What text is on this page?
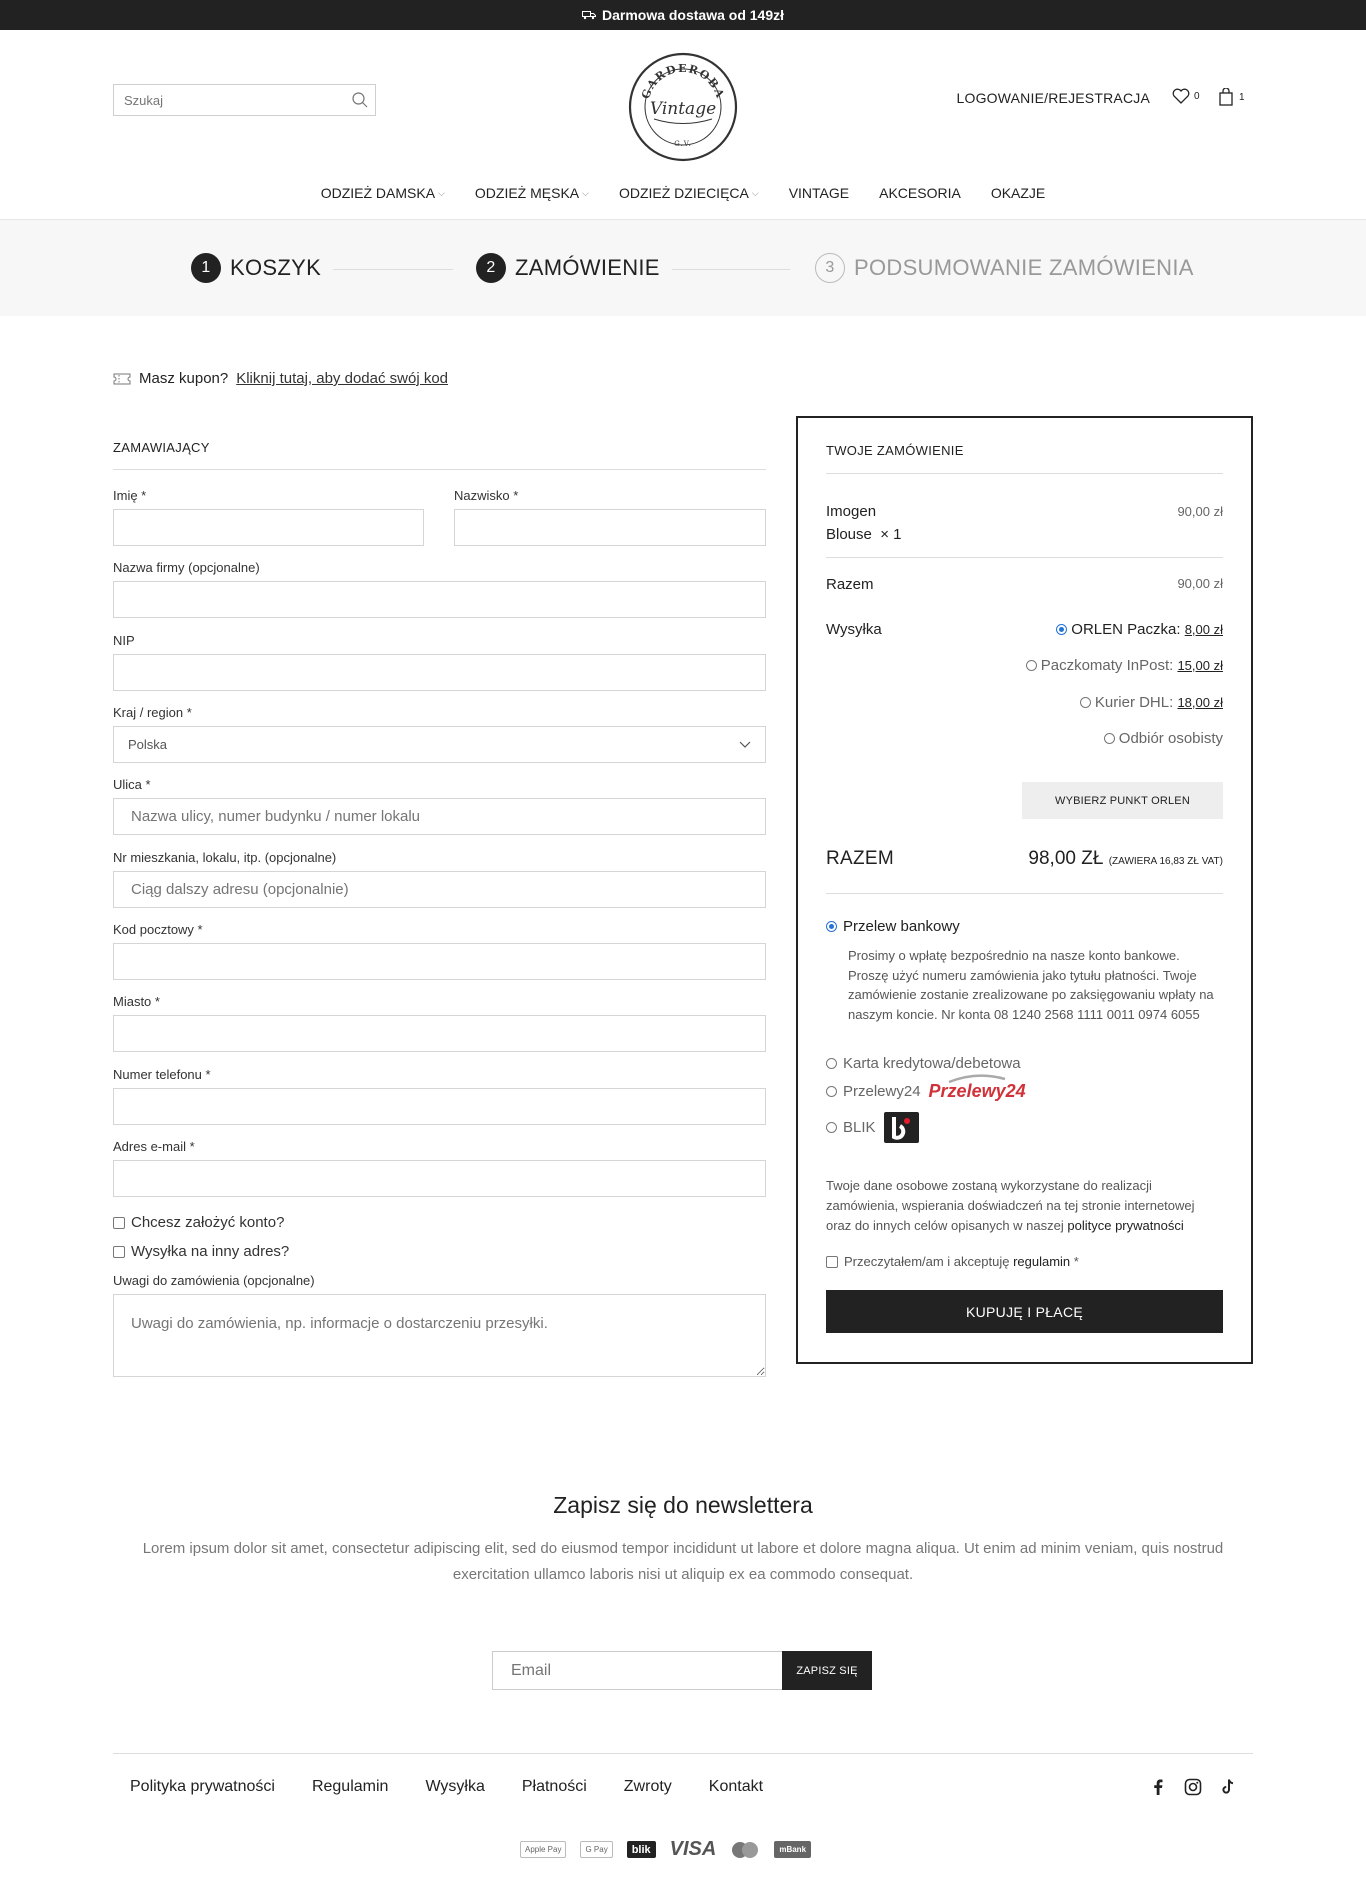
Darmowa dostawa od 149zł
Szukaj
GARDEROBA
Vintage
G.V.
LOGOWANIE/REJESTRACJA	0	1
ODZIEŻ DAMSKA ⌵ ODZIEŻ MĘSKA ⌵ ODZIEŻ DZIECIĘCA ⌵ VINTAGE AKCESORIA OKAZJE
1 KOSZYK	2 ZAMÓWIENIE	3 PODSUMOWANIE ZAMÓWIENIA
Masz kupon? Kliknij tutaj, aby dodać swój kod
ZAMAWIAJĄCY
Imię *	Nazwisko *
Nazwa firmy (opcjonalne)
NIP
Kraj / region *
Polska
Ulica *
Nazwa ulicy, numer budynku / numer lokalu
Nr mieszkania, lokalu, itp. (opcjonalne)
Ciąg dalszy adresu (opcjonalnie)
Kod pocztowy *
Miasto *
Numer telefonu *
Adres e-mail *
Chcesz założyć konto?
Wysyłka na inny adres?
Uwagi do zamówienia (opcjonalne)
Uwagi do zamówienia, np. informacje o dostarczeniu przesyłki.
TWOJE ZAMÓWIENIE
Imogen
Blouse × 1
90,00 zł
Razem	90,00 zł
Wysyłka	ORLEN Paczka: 8,00 zł
Paczkomaty InPost: 15,00 zł
Kurier DHL: 18,00 zł
Odbiór osobisty
WYBIERZ PUNKT ORLEN
RAZEM	98,00 ZŁ (ZAWIERA 16,83 ZŁ VAT)
Przelew bankowy
Prosimy o wpłatę bezpośrednio na nasze konto bankowe. Proszę użyć numeru zamówienia jako tytułu płatności. Twoje zamówienie zostanie zrealizowane po zaksięgowaniu wpłaty na naszym koncie. Nr konta 08 1240 2568 1111 0011 0974 6055
Karta kredytowa/debetowa
Przelewy24 Przelewy24
BLIK
Twoje dane osobowe zostaną wykorzystane do realizacji zamówienia, wspierania doświadczeń na tej stronie internetowej oraz do innych celów opisanych w naszej polityce prywatności
Przeczytałem/am i akceptuję regulamin *
KUPUJĘ I PŁACĘ
Zapisz się do newslettera
Lorem ipsum dolor sit amet, consectetur adipiscing elit, sed do eiusmod tempor incididunt ut labore et dolore magna aliqua. Ut enim ad minim veniam, quis nostrud exercitation ullamco laboris nisi ut aliquip ex ea commodo consequat.
Email
ZAPISZ SIĘ
Polityka prywatności Regulamin Wysyłka Płatności Zwroty Kontakt
Apple Pay	G Pay	blik VISA	mBank
